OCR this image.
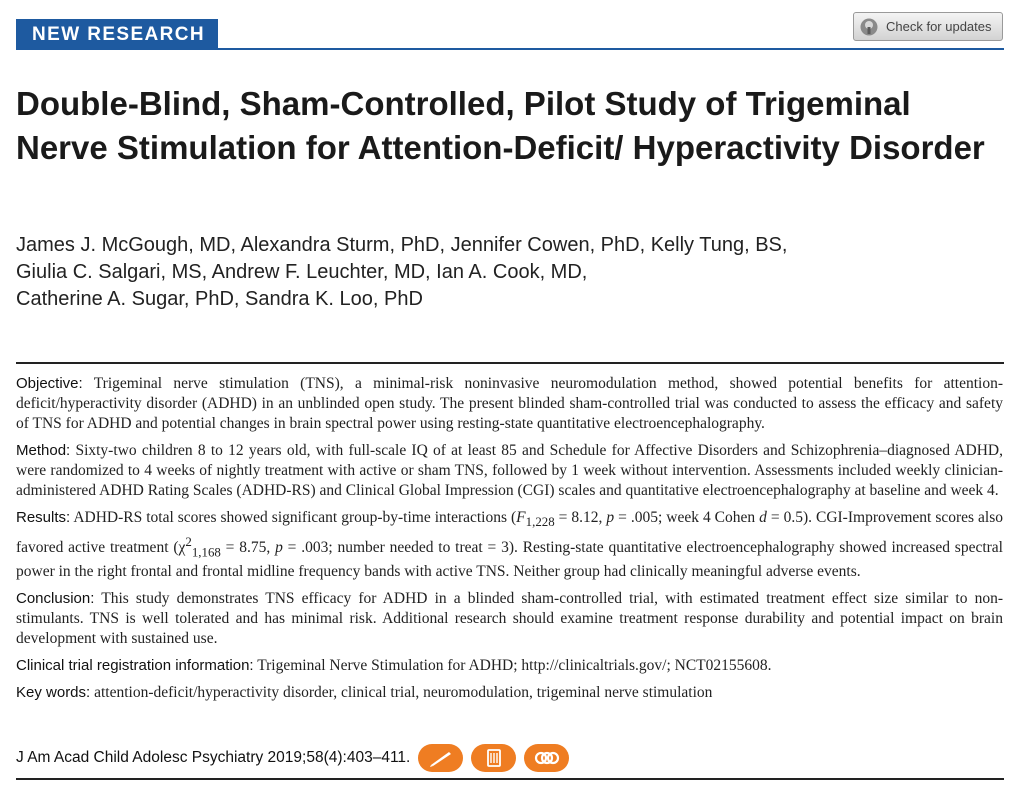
NEW RESEARCH	Check for updates
Double-Blind, Sham-Controlled, Pilot Study of Trigeminal Nerve Stimulation for Attention-Deficit/ Hyperactivity Disorder
James J. McGough, MD, Alexandra Sturm, PhD, Jennifer Cowen, PhD, Kelly Tung, BS,
Giulia C. Salgari, MS, Andrew F. Leuchter, MD, Ian A. Cook, MD,
Catherine A. Sugar, PhD, Sandra K. Loo, PhD

Objective: Trigeminal nerve stimulation (TNS), a minimal-risk noninvasive neuromodulation method, showed potential benefits for attention-deficit/hyperactivity disorder (ADHD) in an unblinded open study. The present blinded sham-controlled trial was conducted to assess the efficacy and safety of TNS for ADHD and potential changes in brain spectral power using resting-state quantitative electroencephalography.

Method: Sixty-two children 8 to 12 years old, with full-scale IQ of at least 85 and Schedule for Affective Disorders and Schizophrenia–diagnosed ADHD, were randomized to 4 weeks of nightly treatment with active or sham TNS, followed by 1 week without intervention. Assessments included weekly clinician-administered ADHD Rating Scales (ADHD-RS) and Clinical Global Impression (CGI) scales and quantitative electroencephalography at baseline and week 4.

Results: ADHD-RS total scores showed significant group-by-time interactions ($F_{1,228} = 8.12$, p = .005; week 4 Cohen d = 0.5). CGI-Improvement scores also favored active treatment ($\chi^2_{1,168} = 8.75$, p = .003; number needed to treat = 3). Resting-state quantitative electroencephalography showed increased spectral power in the right frontal and frontal midline frequency bands with active TNS. Neither group had clinically meaningful adverse events.

Conclusion: This study demonstrates TNS efficacy for ADHD in a blinded sham-controlled trial, with estimated treatment effect size similar to non-stimulants. TNS is well tolerated and has minimal risk. Additional research should examine treatment response durability and potential impact on brain development with sustained use.

Clinical trial registration information: Trigeminal Nerve Stimulation for ADHD; http://clinicaltrials.gov/; NCT02155608.

Key words: attention-deficit/hyperactivity disorder, clinical trial, neuromodulation, trigeminal nerve stimulation

J Am Acad Child Adolesc Psychiatry 2019;58(4):403–411.
